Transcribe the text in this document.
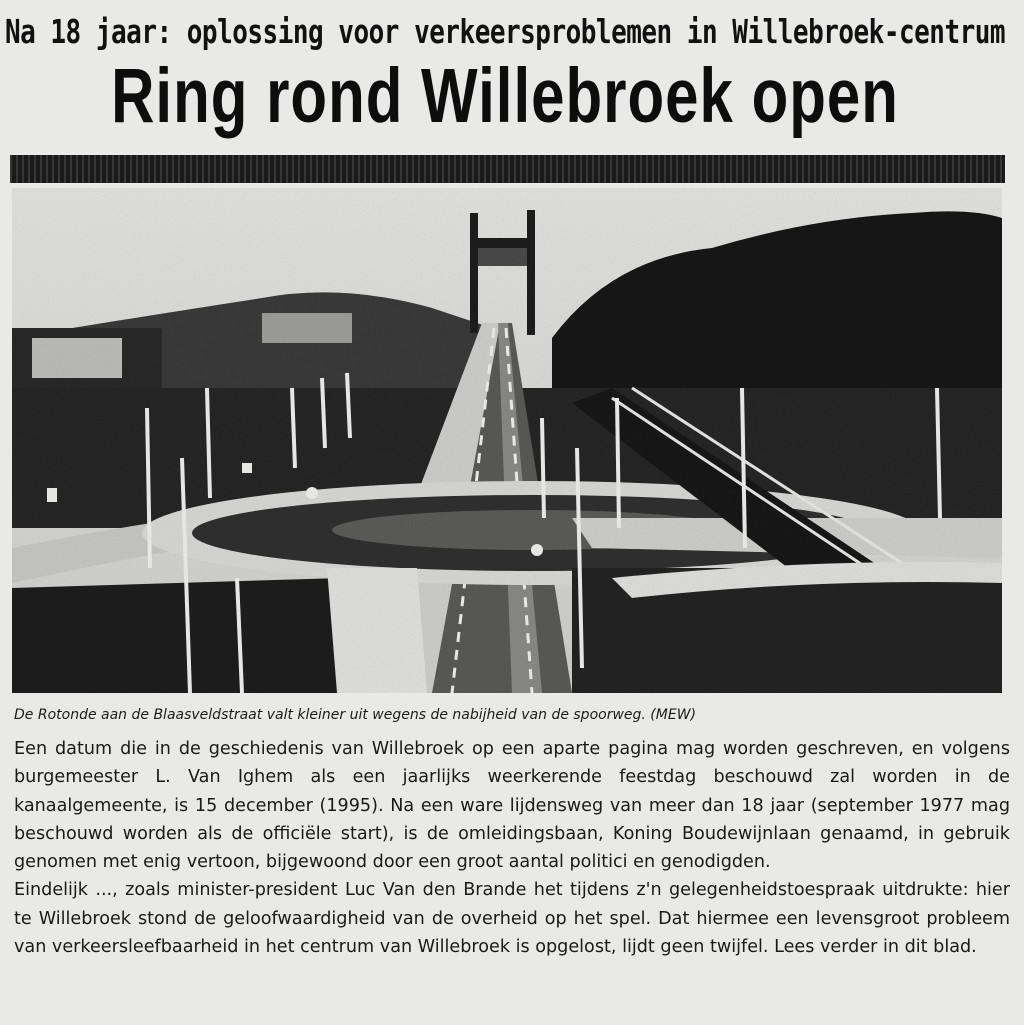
Na 18 jaar: oplossing voor verkeersproblemen in Willebroek-centrum
Ring rond Willebroek open
De Rotonde aan de Blaasveldstraat valt kleiner uit wegens de nabijheid van de spoorweg. (MEW)

Een datum die in de geschiedenis van Willebroek op een aparte pagina mag worden geschreven, en volgens burgemeester L. Van Ighem als een jaarlijks weerkerende feestdag beschouwd zal worden in de kanaalgemeente, is 15 december (1995). Na een ware lijdensweg van meer dan 18 jaar (september 1977 mag beschouwd worden als de officiële start), is de omleidingsbaan, Koning Boudewijnlaan genaamd, in gebruik genomen met enig vertoon, bijgewoond door een groot aantal politici en genodigden.

Eindelijk ..., zoals minister-president Luc Van den Brande het tijdens z'n gelegenheidstoespraak uitdrukte: hier te Willebroek stond de geloofwaardigheid van de overheid op het spel. Dat hiermee een levensgroot probleem van verkeersleefbaarheid in het centrum van Willebroek is opgelost, lijdt geen twijfel. Lees verder in dit blad.
